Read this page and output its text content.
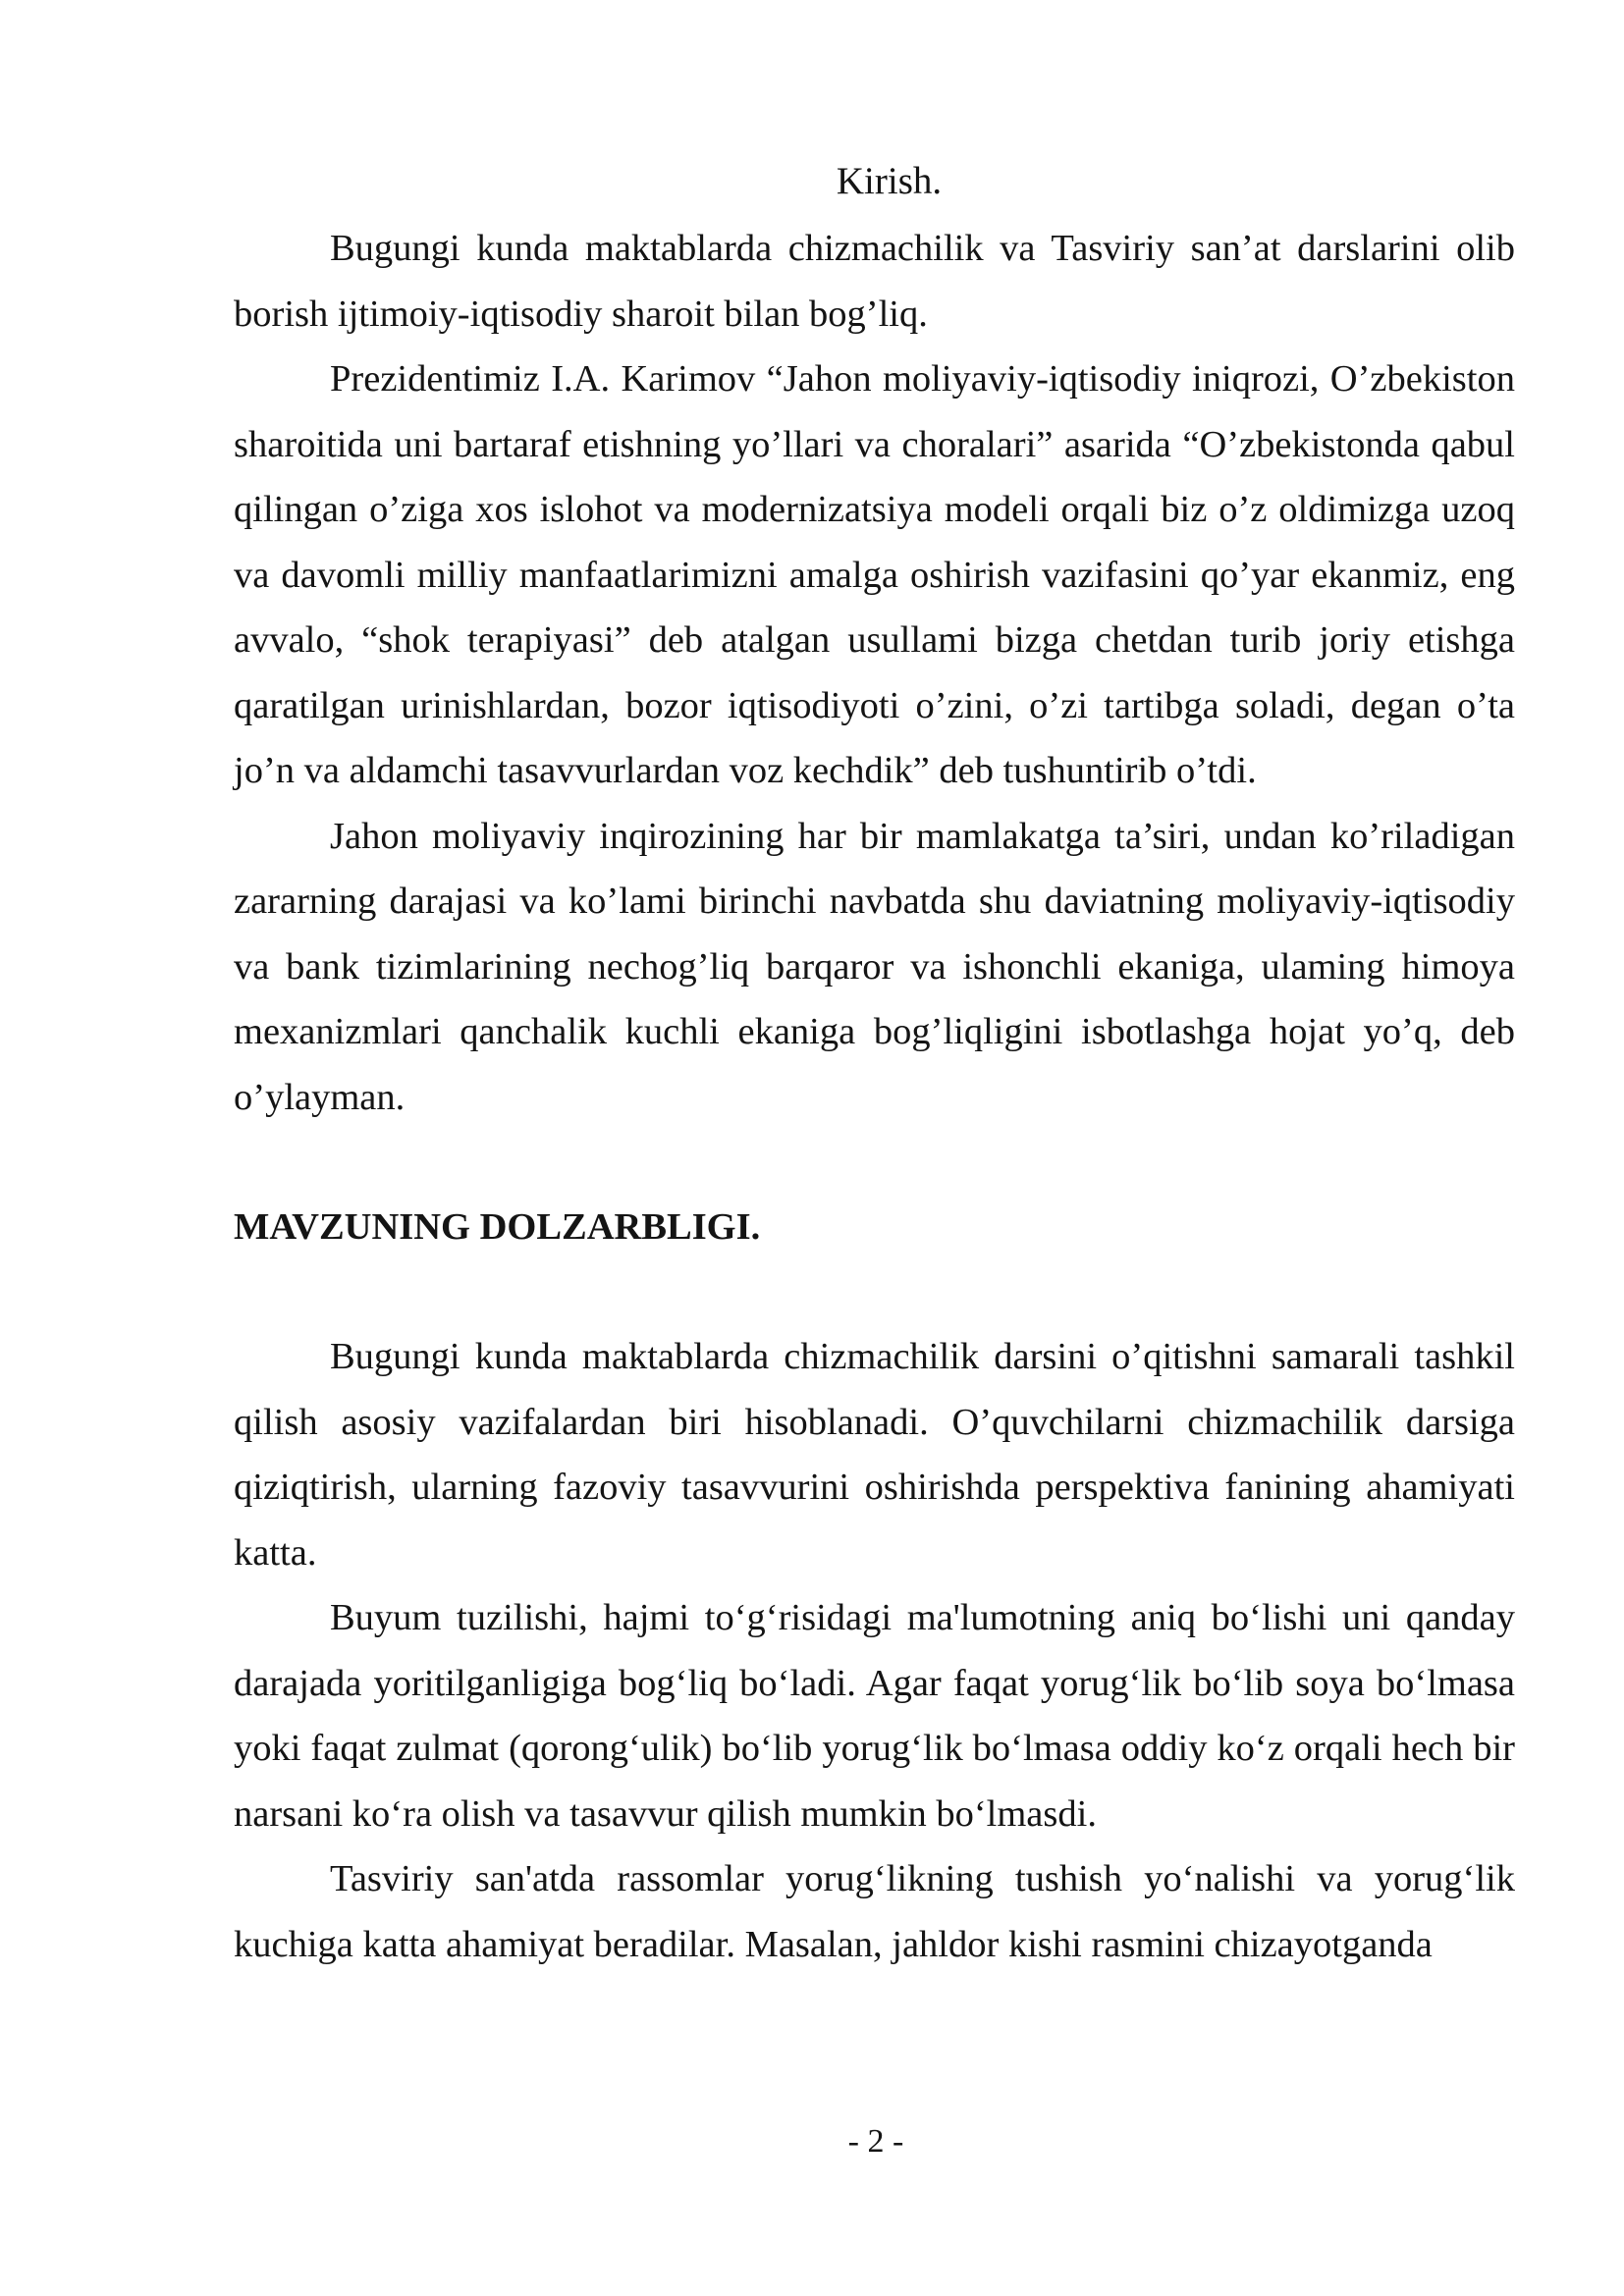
Kirish.

Bugungi kunda maktablarda chizmachilik va Tasviriy san’at darslarini olib borish ijtimoiy-iqtisodiy sharoit bilan bog’liq.

Prezidentimiz I.A. Karimov “Jahon moliyaviy-iqtisodiy iniqrozi, O’zbekiston sharoitida uni bartaraf etishning yo’llari va choralari” asarida “O’zbekistonda qabul qilingan o’ziga xos islohot va modernizatsiya modeli orqali biz o’z oldimizga uzoq va davomli milliy manfaatlarimizni amalga oshirish vazifasini qo’yar ekanmiz, eng avvalo, “shok terapiyasi” deb atalgan usullami bizga chetdan turib joriy etishga qaratilgan urinishlardan, bozor iqtisodiyoti o’zini, o’zi tartibga soladi, degan o’ta jo’n va aldamchi tasavvurlardan voz kechdik” deb tushuntirib o’tdi.

Jahon moliyaviy inqirozining har bir mamlakatga ta’siri, undan ko’riladigan zararning darajasi va ko’lami birinchi navbatda shu daviatning moliyaviy-iqtisodiy va bank tizimlarining nechog’liq barqaror va ishonchli ekaniga, ulaming himoya mexanizmlari qanchalik kuchli ekaniga bog’liqligini isbotlashga hojat yo’q, deb o’ylayman.

MAVZUNING DOLZARBLIGI.

Bugungi kunda maktablarda chizmachilik darsini o’qitishni samarali tashkil qilish asosiy vazifalardan biri hisoblanadi. O’quvchilarni chizmachilik darsiga qiziqtirish, ularning fazoviy tasavvurini oshirishda perspektiva fanining ahamiyati katta.

Buyum tuzilishi, hajmi to‘g‘risidagi ma'lumotning aniq bo‘lishi uni qanday darajada yoritilganligiga bog‘liq bo‘ladi. Agar faqat yorug‘lik bo‘lib soya bo‘lmasa yoki faqat zulmat (qorong‘ulik) bo‘lib yorug‘lik bo‘lmasa oddiy ko‘z orqali hech bir narsani ko‘ra olish va tasavvur qilish mumkin bo‘lmasdi.

Tasviriy san'atda rassomlar yorug‘likning tushish yo‘nalishi va yorug‘lik kuchiga katta ahamiyat beradilar. Masalan, jahldor kishi rasmini chizayotganda

- 2 -
